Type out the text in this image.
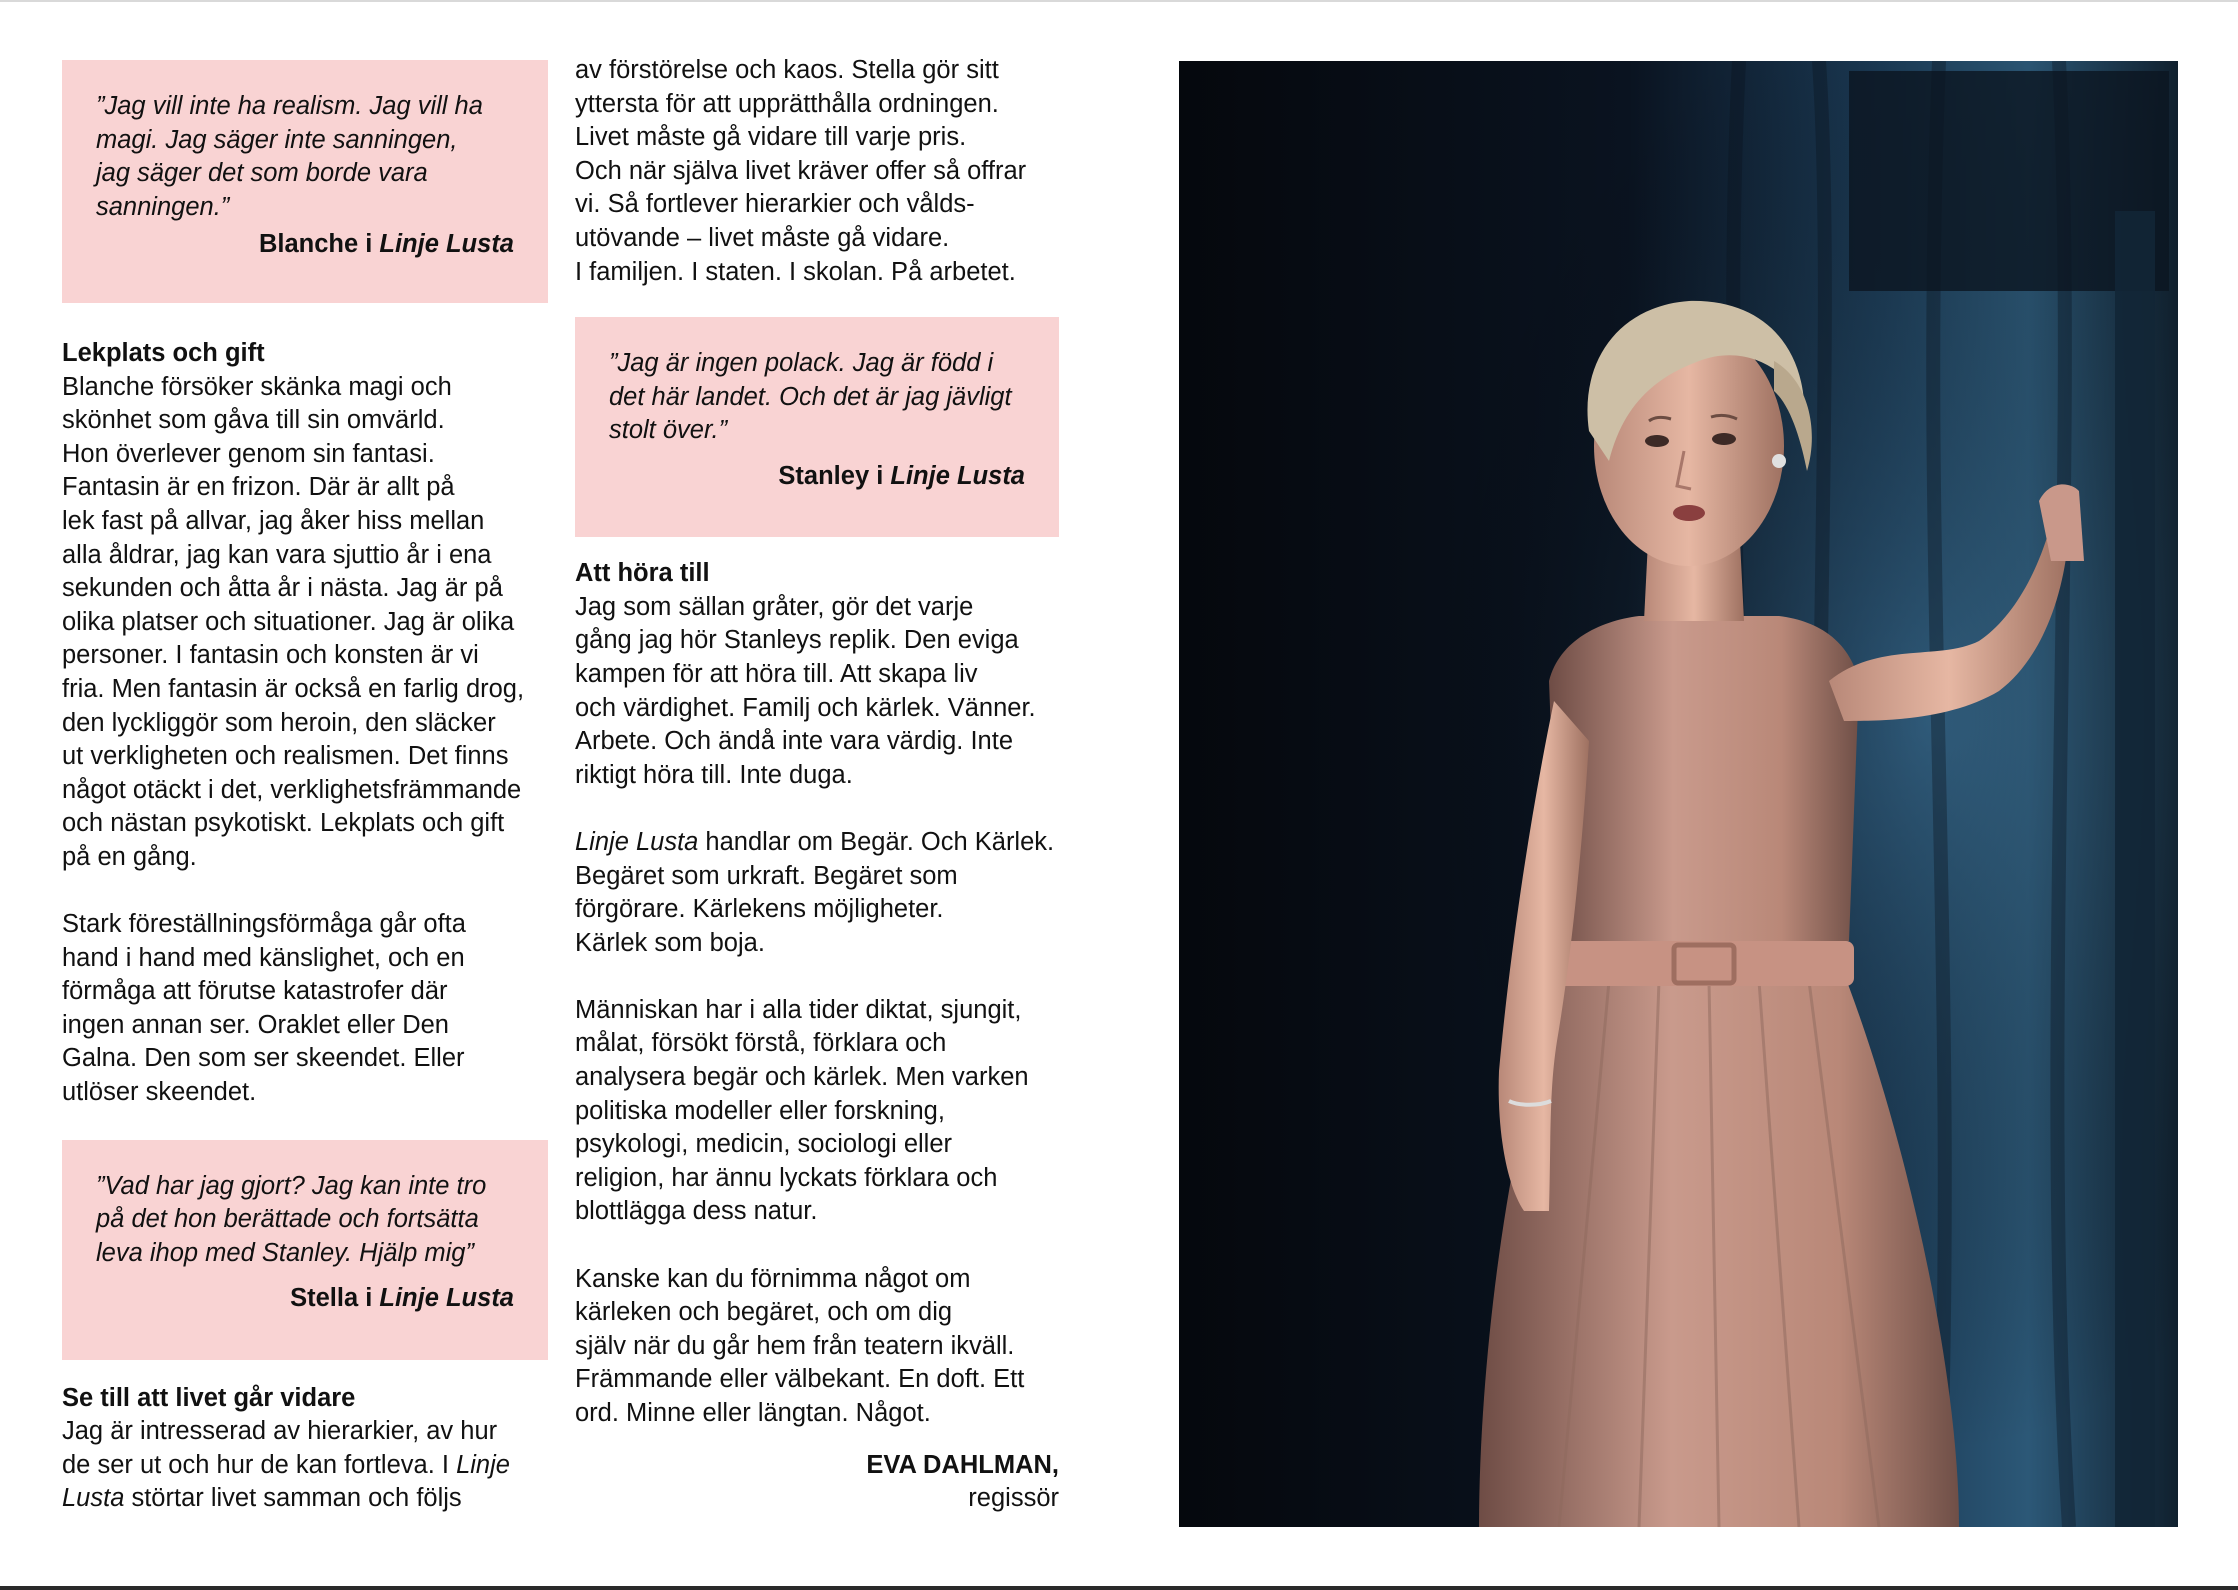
”Jag vill inte ha realism. Jag vill ha

magi. Jag säger inte sanningen,

jag säger det som borde vara

sanningen.”

Blanche i Linje Lusta

Lekplats och gift

Blanche försöker skänka magi och

skönhet som gåva till sin omvärld.

Hon överlever genom sin fantasi.

Fantasin är en frizon. Där är allt på

lek fast på allvar, jag åker hiss mellan

alla åldrar, jag kan vara sjuttio år i ena

sekunden och åtta år i nästa. Jag är på

olika platser och situationer. Jag är olika

personer. I fantasin och konsten är vi

fria. Men fantasin är också en farlig drog,

den lyckliggör som heroin, den släcker

ut verkligheten och realismen. Det finns

något otäckt i det, verklighetsfrämmande

och nästan psykotiskt. Lekplats och gift

på en gång.

Stark föreställningsförmåga går ofta

hand i hand med känslighet, och en

förmåga att förutse katastrofer där

ingen annan ser. Oraklet eller Den

Galna. Den som ser skeendet. Eller

utlöser skeendet.

”Vad har jag gjort? Jag kan inte tro

på det hon berättade och fortsätta

leva ihop med Stanley. Hjälp mig”

Stella i Linje Lusta

Se till att livet går vidare

Jag är intresserad av hierarkier, av hur

de ser ut och hur de kan fortleva. I Linje

Lusta störtar livet samman och följs

av förstörelse och kaos. Stella gör sitt

yttersta för att upprätthålla ordningen.

Livet måste gå vidare till varje pris.

Och när själva livet kräver offer så offrar

vi. Så fortlever hierarkier och vålds-

utövande – livet måste gå vidare.

I familjen. I staten. I skolan. På arbetet.

”Jag är ingen polack. Jag är född i

det här landet. Och det är jag jävligt

stolt över.”

Stanley i Linje Lusta

Att höra till

Jag som sällan gråter, gör det varje

gång jag hör Stanleys replik. Den eviga

kampen för att höra till. Att skapa liv

och värdighet. Familj och kärlek. Vänner.

Arbete. Och ändå inte vara värdig. Inte

riktigt höra till. Inte duga.

Linje Lusta handlar om Begär. Och Kärlek.

Begäret som urkraft. Begäret som

förgörare. Kärlekens möjligheter.

Kärlek som boja.

Människan har i alla tider diktat, sjungit,

målat, försökt förstå, förklara och

analysera begär och kärlek. Men varken

politiska modeller eller forskning,

psykologi, medicin, sociologi eller

religion, har ännu lyckats förklara och

blottlägga dess natur.

Kanske kan du förnimma något om

kärleken och begäret, och om dig

själv när du går hem från teatern ikväll.

Främmande eller välbekant. En doft. Ett

ord. Minne eller längtan. Något.

EVA DAHLMAN,

regissör
